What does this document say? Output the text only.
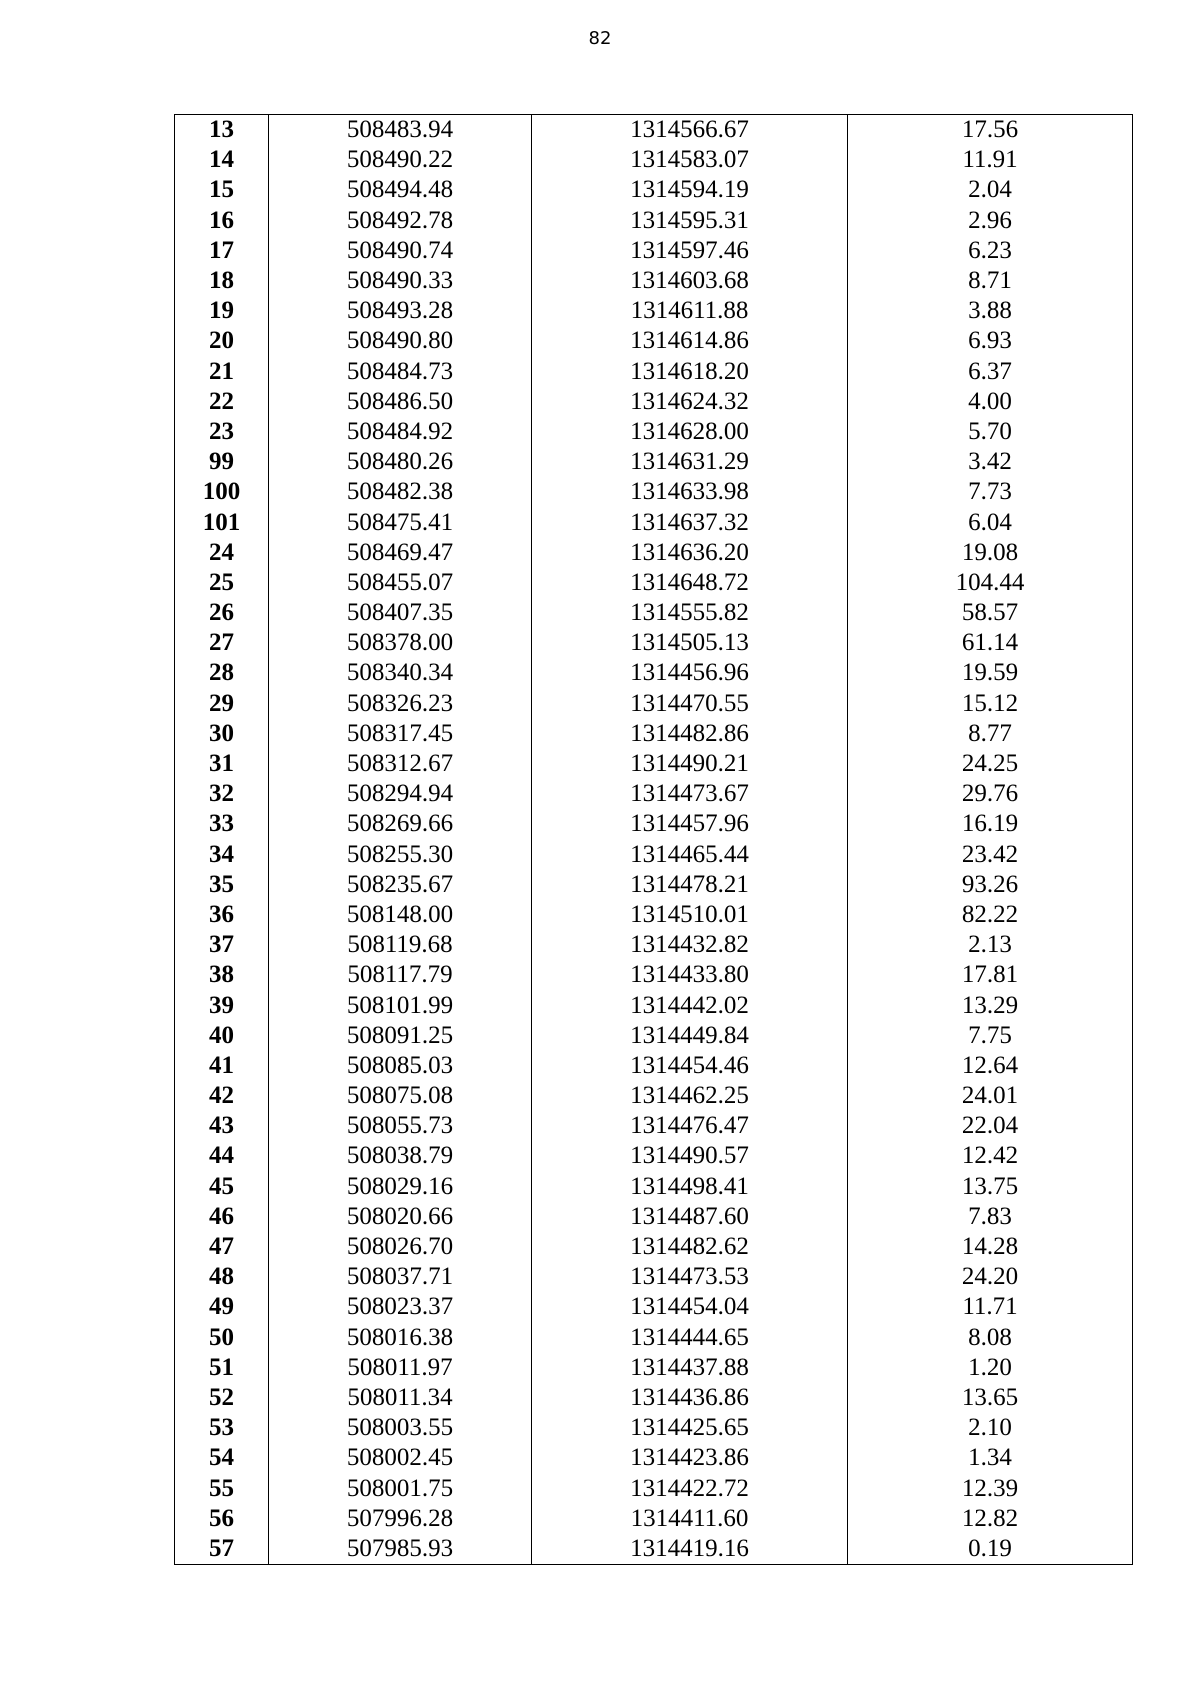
82
13	508483.94	1314566.67	17.56
14	508490.22	1314583.07	11.91
15	508494.48	1314594.19	2.04
16	508492.78	1314595.31	2.96
17	508490.74	1314597.46	6.23
18	508490.33	1314603.68	8.71
19	508493.28	1314611.88	3.88
20	508490.80	1314614.86	6.93
21	508484.73	1314618.20	6.37
22	508486.50	1314624.32	4.00
23	508484.92	1314628.00	5.70
99	508480.26	1314631.29	3.42
100	508482.38	1314633.98	7.73
101	508475.41	1314637.32	6.04
24	508469.47	1314636.20	19.08
25	508455.07	1314648.72	104.44
26	508407.35	1314555.82	58.57
27	508378.00	1314505.13	61.14
28	508340.34	1314456.96	19.59
29	508326.23	1314470.55	15.12
30	508317.45	1314482.86	8.77
31	508312.67	1314490.21	24.25
32	508294.94	1314473.67	29.76
33	508269.66	1314457.96	16.19
34	508255.30	1314465.44	23.42
35	508235.67	1314478.21	93.26
36	508148.00	1314510.01	82.22
37	508119.68	1314432.82	2.13
38	508117.79	1314433.80	17.81
39	508101.99	1314442.02	13.29
40	508091.25	1314449.84	7.75
41	508085.03	1314454.46	12.64
42	508075.08	1314462.25	24.01
43	508055.73	1314476.47	22.04
44	508038.79	1314490.57	12.42
45	508029.16	1314498.41	13.75
46	508020.66	1314487.60	7.83
47	508026.70	1314482.62	14.28
48	508037.71	1314473.53	24.20
49	508023.37	1314454.04	11.71
50	508016.38	1314444.65	8.08
51	508011.97	1314437.88	1.20
52	508011.34	1314436.86	13.65
53	508003.55	1314425.65	2.10
54	508002.45	1314423.86	1.34
55	508001.75	1314422.72	12.39
56	507996.28	1314411.60	12.82
57	507985.93	1314419.16	0.19
